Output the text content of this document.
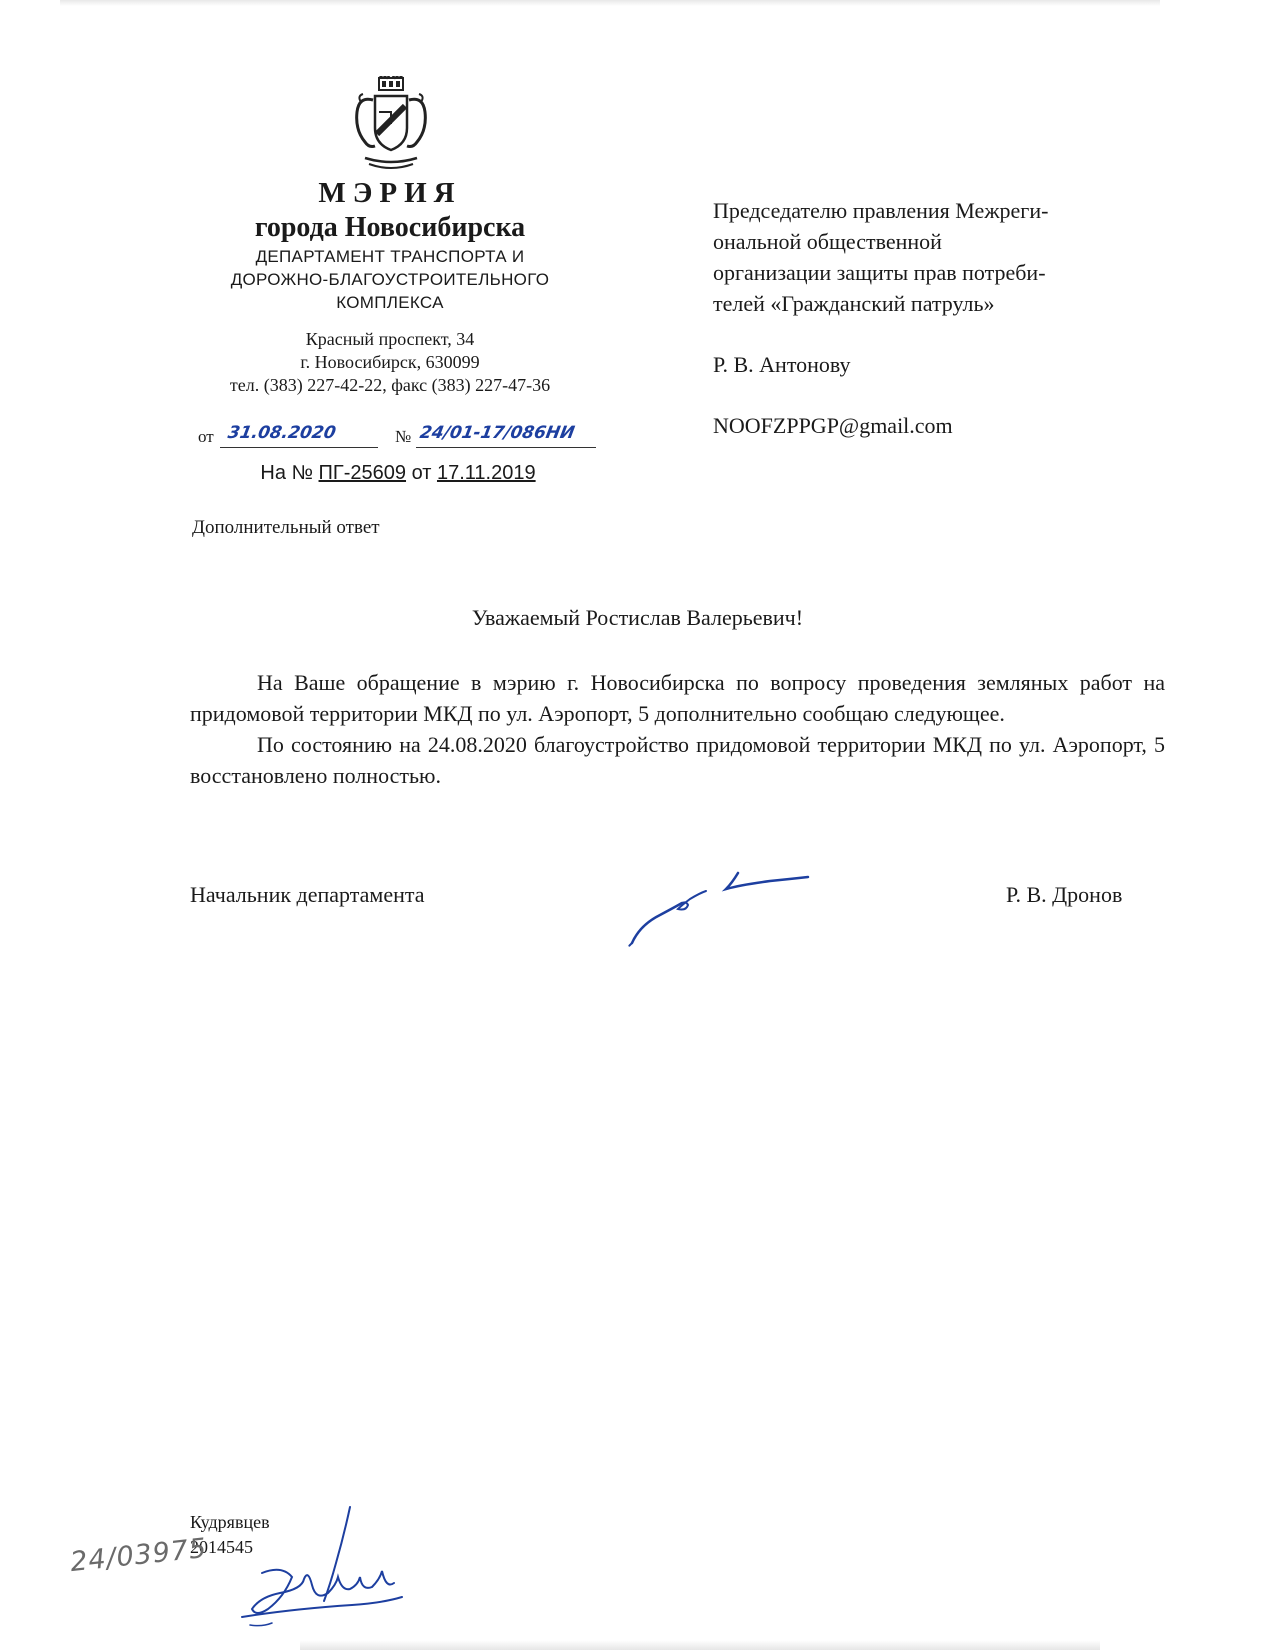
МЭРИЯ
города Новосибирска
ДЕПАРТАМЕНТ ТРАНСПОРТА И
ДОРОЖНО-БЛАГОУСТРОИТЕЛЬНОГО
КОМПЛЕКСА
Красный проспект, 34
г. Новосибирск, 630099
тел. (383) 227-42-22, факс (383) 227-47-36
от 31.08.2020	№ 24/01-17/086HИ
На № ПГ-25609 от 17.11.2019
Дополнительный ответ
Председателю правления Межреги-
ональной общественной
организации защиты прав потреби-
телей «Гражданский патруль»
Р. В. Антонову
NOOFZPPGP@gmail.com
Уважаемый Ростислав Валерьевич!

На Ваше обращение в мэрию г. Новосибирска по вопросу проведения земляных работ на придомовой территории МКД по ул. Аэропорт, 5 дополнительно сообщаю следующее.

По состоянию на 24.08.2020 благоустройство придомовой территории МКД по ул. Аэропорт, 5 восстановлено полностью.

Начальник департамента	Р. В. Дронов
Кудрявцев
2014545
24/03975
